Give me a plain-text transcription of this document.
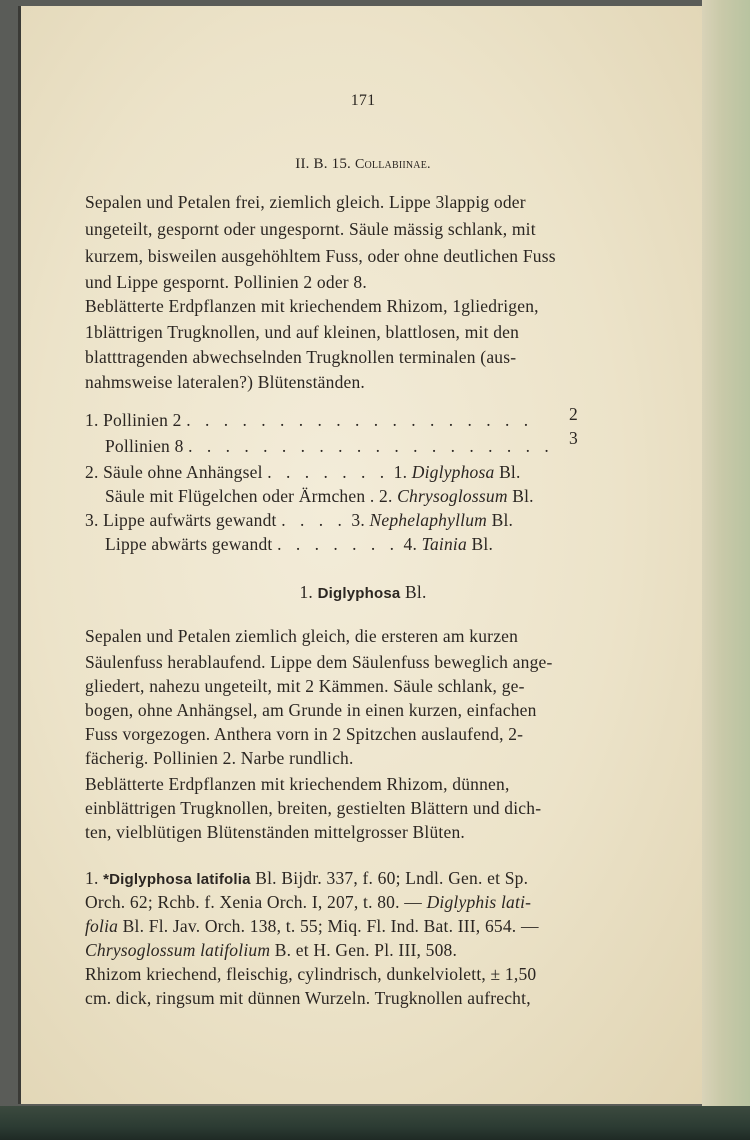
171
II. B. 15. Collabiinae.
Sepalen und Petalen frei, ziemlich gleich. Lippe 3lappig oder
ungeteilt, gespornt oder ungespornt. Säule mässig schlank, mit
kurzem, bisweilen ausgehöhltem Fuss, oder ohne deutlichen Fuss
und Lippe gespornt. Pollinien 2 oder 8.
Beblätterte Erdpflanzen mit kriechendem Rhizom, 1gliedrigen,
1blättrigen Trugknollen, und auf kleinen, blattlosen, mit den
blatttragenden abwechselnden Trugknollen terminalen (aus-
nahmsweise lateralen?) Blütenständen.
1. Pollinien 2 . . . . . . . . . . . . . . . . . . . 2
Pollinien 8 . . . . . . . . . . . . . . . . . . . . 3
2. Säule ohne Anhängsel . . . . . . . 1. Diglyphosa Bl.
Säule mit Flügelchen oder Ärmchen . 2. Chrysoglossum Bl.
3. Lippe aufwärts gewandt . . . . 3. Nephelaphyllum Bl.
Lippe abwärts gewandt . . . . . . . 4. Tainia Bl.
1. Diglyphosa Bl.
Sepalen und Petalen ziemlich gleich, die ersteren am kurzen
Säulenfuss herablaufend. Lippe dem Säulenfuss beweglich ange-
gliedert, nahezu ungeteilt, mit 2 Kämmen. Säule schlank, ge-
bogen, ohne Anhängsel, am Grunde in einen kurzen, einfachen
Fuss vorgezogen. Anthera vorn in 2 Spitzchen auslaufend, 2-
fächerig. Pollinien 2. Narbe rundlich.
Beblätterte Erdpflanzen mit kriechendem Rhizom, dünnen,
einblättrigen Trugknollen, breiten, gestielten Blättern und dich-
ten, vielblütigen Blütenständen mittelgrosser Blüten.
1. *Diglyphosa latifolia Bl. Bijdr. 337, f. 60; Lndl. Gen. et Sp.
Orch. 62; Rchb. f. Xenia Orch. I, 207, t. 80. — Diglyphis lati-
folia Bl. Fl. Jav. Orch. 138, t. 55; Miq. Fl. Ind. Bat. III, 654. —
Chrysoglossum latifolium B. et H. Gen. Pl. III, 508.
Rhizom kriechend, fleischig, cylindrisch, dunkelviolett, ± 1,50
cm. dick, ringsum mit dünnen Wurzeln. Trugknollen aufrecht,
